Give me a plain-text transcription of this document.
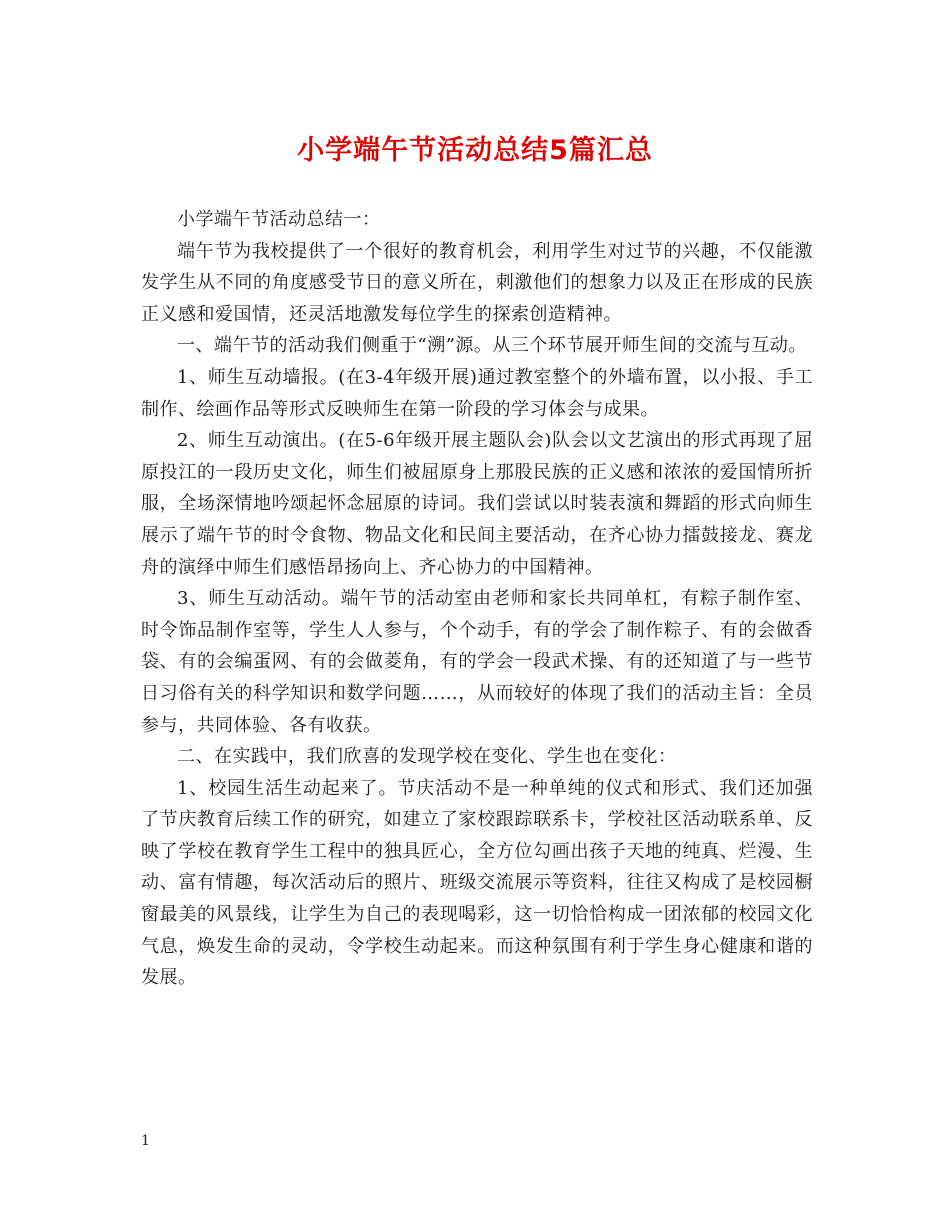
小学端午节活动总结5篇汇总

小学端午节活动总结一：

端午节为我校提供了一个很好的教育机会，利用学生对过节的兴趣，不仅能激发学生从不同的角度感受节日的意义所在，刺激他们的想象力以及正在形成的民族正义感和爱国情，还灵活地激发每位学生的探索创造精神。

一、端午节的活动我们侧重于“溯”源。从三个环节展开师生间的交流与互动。

1、师生互动墙报。(在3-4年级开展)通过教室整个的外墙布置，以小报、手工制作、绘画作品等形式反映师生在第一阶段的学习体会与成果。

2、师生互动演出。(在5-6年级开展主题队会)队会以文艺演出的形式再现了屈原投江的一段历史文化，师生们被屈原身上那股民族的正义感和浓浓的爱国情所折服，全场深情地吟颂起怀念屈原的诗词。我们尝试以时装表演和舞蹈的形式向师生展示了端午节的时令食物、物品文化和民间主要活动，在齐心协力擂鼓接龙、赛龙舟的演绎中师生们感悟昂扬向上、齐心协力的中国精神。

3、师生互动活动。端午节的活动室由老师和家长共同单杠，有粽子制作室、时令饰品制作室等，学生人人参与，个个动手，有的学会了制作粽子、有的会做香袋、有的会编蛋网、有的会做菱角，有的学会一段武术操、有的还知道了与一些节日习俗有关的科学知识和数学问题……，从而较好的体现了我们的活动主旨：全员参与，共同体验、各有收获。

二、在实践中，我们欣喜的发现学校在变化、学生也在变化：

1、校园生活生动起来了。节庆活动不是一种单纯的仪式和形式、我们还加强了节庆教育后续工作的研究，如建立了家校跟踪联系卡，学校社区活动联系单、反映了学校在教育学生工程中的独具匠心，全方位勾画出孩子天地的纯真、烂漫、生动、富有情趣，每次活动后的照片、班级交流展示等资料，往往又构成了是校园橱窗最美的风景线，让学生为自己的表现喝彩，这一切恰恰构成一团浓郁的校园文化气息，焕发生命的灵动，令学校生动起来。而这种氛围有利于学生身心健康和谐的发展。

1
